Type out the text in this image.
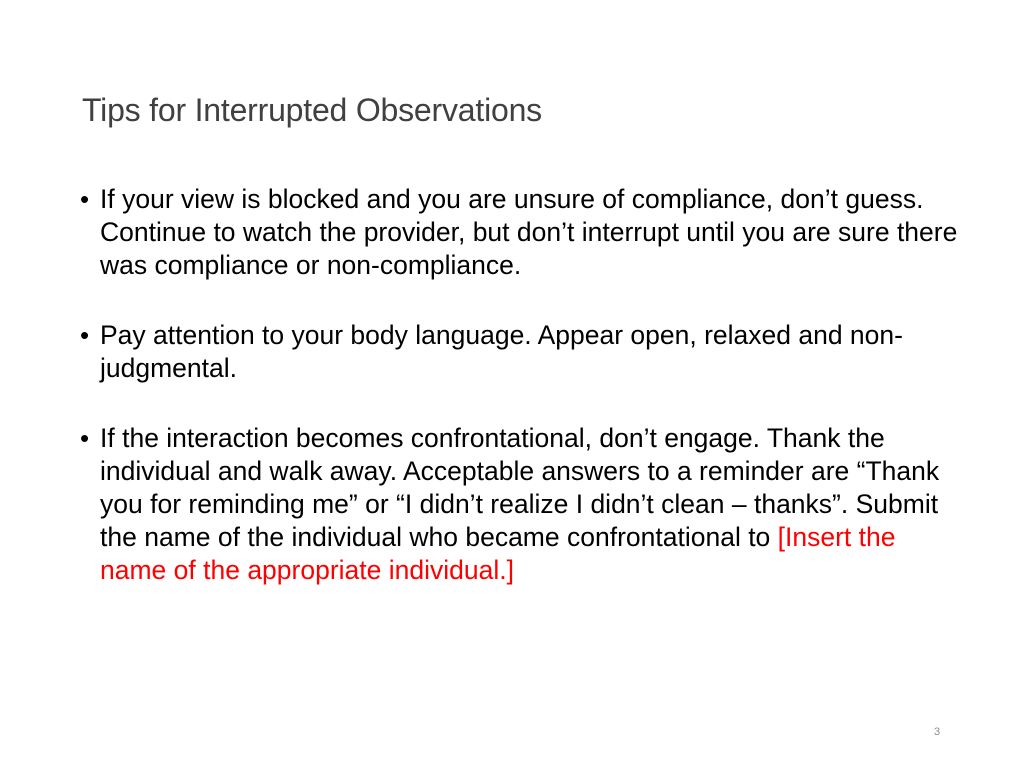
Tips for Interrupted Observations
• If your view is blocked and you are unsure of compliance, don’t guess. Continue to watch the provider, but don’t interrupt until you are sure there was compliance or non-compliance.
• Pay attention to your body language. Appear open, relaxed and non-judgmental.
• If the interaction becomes confrontational, don’t engage. Thank the individual and walk away. Acceptable answers to a reminder are “Thank you for reminding me” or “I didn’t realize I didn’t clean – thanks”. Submit the name of the individual who became confrontational to [Insert the name of the appropriate individual.]
3
